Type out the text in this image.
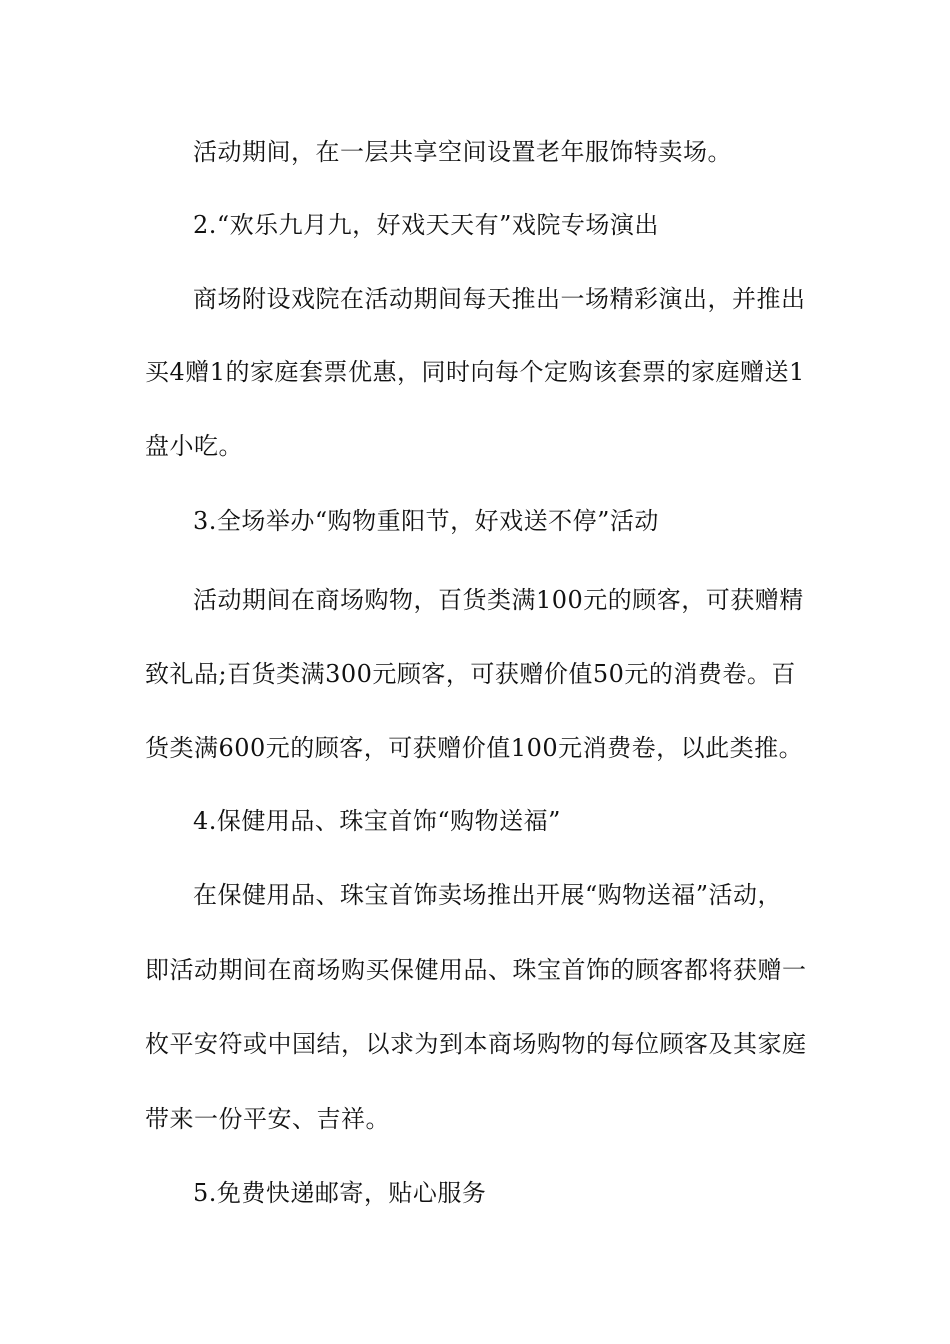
活动期间，在一层共享空间设置老年服饰特卖场。
2.“欢乐九月九，好戏天天有”戏院专场演出
商场附设戏院在活动期间每天推出一场精彩演出，并推出
买4赠1的家庭套票优惠，同时向每个定购该套票的家庭赠送1
盘小吃。
3.全场举办“购物重阳节，好戏送不停”活动
活动期间在商场购物，百货类满100元的顾客，可获赠精
致礼品;百货类满300元顾客，可获赠价值50元的消费卷。百
货类满600元的顾客，可获赠价值100元消费卷，以此类推。
4.保健用品、珠宝首饰“购物送福”
在保健用品、珠宝首饰卖场推出开展“购物送福”活动，
即活动期间在商场购买保健用品、珠宝首饰的顾客都将获赠一
枚平安符或中国结，以求为到本商场购物的每位顾客及其家庭
带来一份平安、吉祥。
5.免费快递邮寄，贴心服务
